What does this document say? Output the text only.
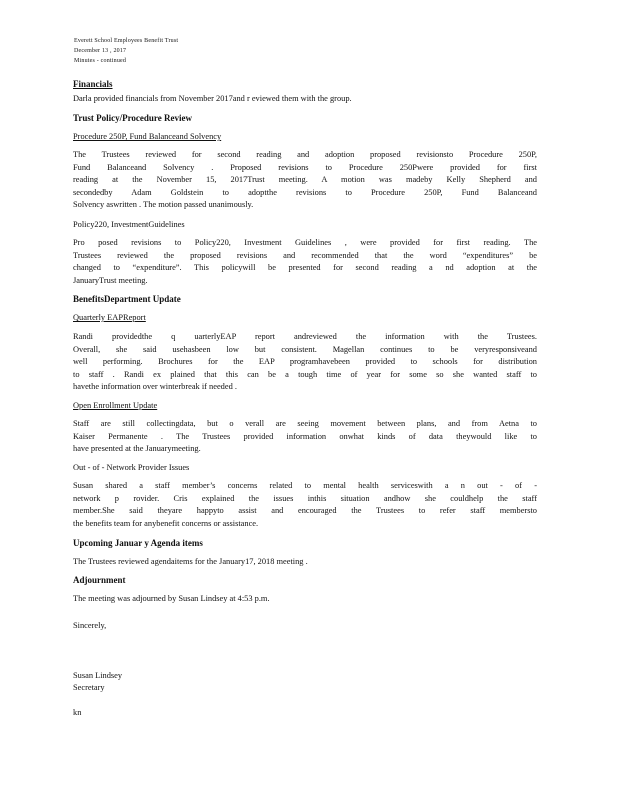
Everett School Employees Benefit Trust
December 13 , 2017
Minutes - continued
Financials
Darla provided financials from November 2017and r eviewed them with the group.
Trust Policy/Procedure Review
Procedure 250P, Fund Balanceand Solvency
The Trustees reviewed for second reading and adoption proposed revisionsto Procedure 250P,
Fund Balanceand Solvency . Proposed revisions to Procedure 250Pwere provided for first
reading at the November 15, 2017Trust meeting. A motion was madeby Kelly Shepherd and
secondedby Adam Goldstein to adoptthe revisions to Procedure 250P, Fund Balanceand
Solvency aswritten . The motion passed unanimously.
Policy220, InvestmentGuidelines
Pro posed revisions to Policy220, Investment Guidelines , were provided for first reading. The
Trustees reviewed the proposed revisions and recommended that the word “expenditures” be
changed to “expenditure”. This policywill be presented for second reading a nd adoption at the
JanuaryTrust meeting.
BenefitsDepartment Update
Quarterly EAPReport
Randi providedthe q uarterlyEAP report andreviewed the information with the Trustees.
Overall, she said usehasbeen low but consistent. Magellan continues to be veryresponsiveand
well performing. Brochures for the EAP programhavebeen provided to schools for distribution
to staff . Randi ex plained that this can be a tough time of year for some so she wanted staff to
havethe information over winterbreak if needed .
Open Enrollment Update
Staff are still collectingdata, but o verall are seeing movement between plans, and from Aetna to
Kaiser Permanente . The Trustees provided information onwhat kinds of data theywould like to
have presented at the Januarymeeting.
Out - of - Network Provider Issues
Susan shared a staff member’s concerns related to mental health serviceswith a n out - of -
network p rovider. Cris explained the issues inthis situation andhow she couldhelp the staff
member.She said theyare happyto assist and encouraged the Trustees to refer staff membersto
the benefits team for anybenefit concerns or assistance.
Upcoming Januar y Agenda items
The Trustees reviewed agendaitems for the January17, 2018 meeting .
Adjournment
The meeting was adjourned by Susan Lindsey at 4:53 p.m.
Sincerely,
Susan Lindsey
Secretary
kn
